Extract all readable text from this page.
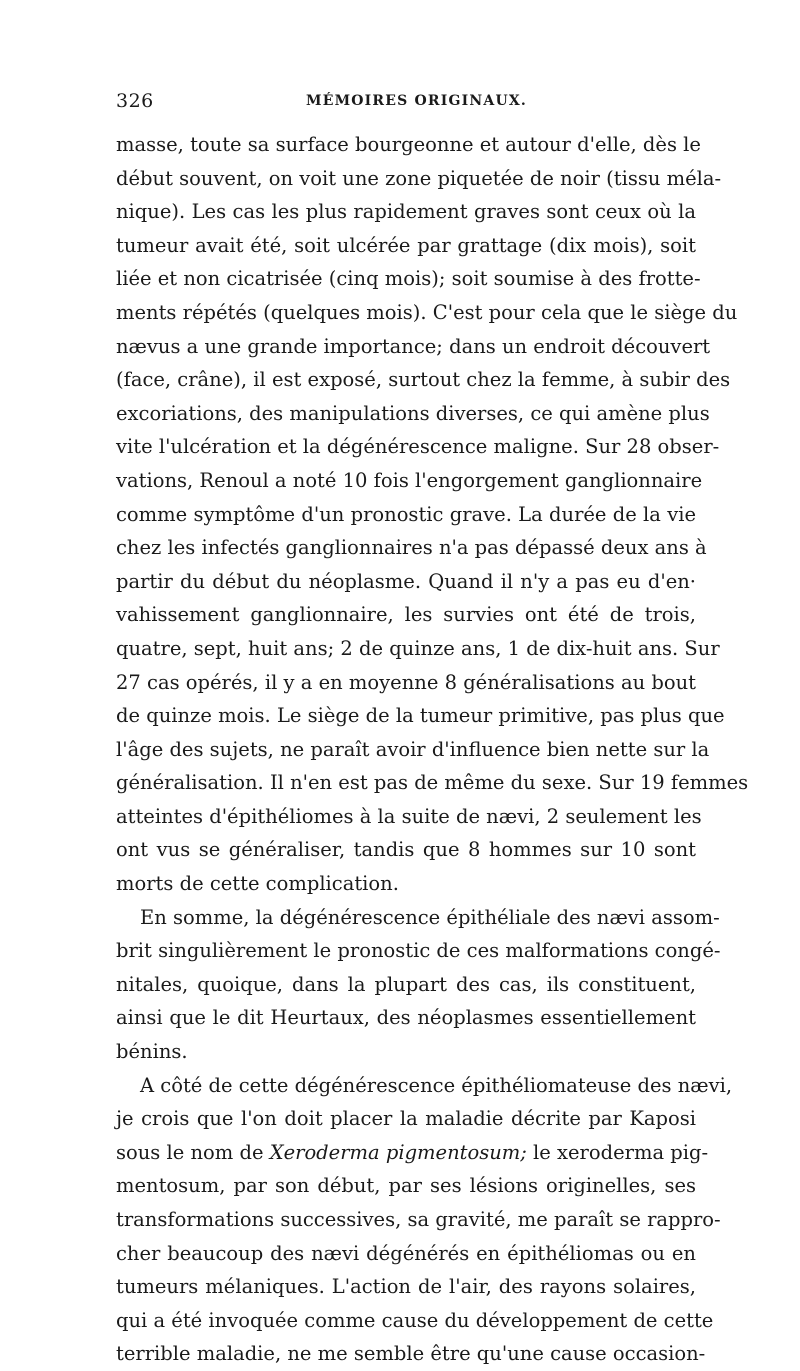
326	MÉMOIRES ORIGINAUX.
masse, toute sa surface bourgeonne et autour d'elle, dès le
début souvent, on voit une zone piquetée de noir (tissu méla-
nique). Les cas les plus rapidement graves sont ceux où la
tumeur avait été, soit ulcérée par grattage (dix mois), soit
liée et non cicatrisée (cinq mois); soit soumise à des frotte-
ments répétés (quelques mois). C'est pour cela que le siège du
nævus a une grande importance; dans un endroit découvert
(face, crâne), il est exposé, surtout chez la femme, à subir des
excoriations, des manipulations diverses, ce qui amène plus
vite l'ulcération et la dégénérescence maligne. Sur 28 obser-
vations, Renoul a noté 10 fois l'engorgement ganglionnaire
comme symptôme d'un pronostic grave. La durée de la vie
chez les infectés ganglionnaires n'a pas dépassé deux ans à
partir du début du néoplasme. Quand il n'y a pas eu d'en·
vahissement ganglionnaire, les survies ont été de trois,
quatre, sept, huit ans; 2 de quinze ans, 1 de dix-huit ans. Sur
27 cas opérés, il y a en moyenne 8 généralisations au bout
de quinze mois. Le siège de la tumeur primitive, pas plus que
l'âge des sujets, ne paraît avoir d'influence bien nette sur la
généralisation. Il n'en est pas de même du sexe. Sur 19 femmes
atteintes d'épithéliomes à la suite de nævi, 2 seulement les
ont vus se généraliser, tandis que 8 hommes sur 10 sont
morts de cette complication.
En somme, la dégénérescence épithéliale des nævi assom-
brit singulièrement le pronostic de ces malformations congé-
nitales, quoique, dans la plupart des cas, ils constituent,
ainsi que le dit Heurtaux, des néoplasmes essentiellement
bénins.
A côté de cette dégénérescence épithéliomateuse des nævi,
je crois que l'on doit placer la maladie décrite par Kaposi
sous le nom de Xeroderma pigmentosum; le xeroderma pig-
mentosum, par son début, par ses lésions originelles, ses
transformations successives, sa gravité, me paraît se rappro-
cher beaucoup des nævi dégénérés en épithéliomas ou en
tumeurs mélaniques. L'action de l'air, des rayons solaires,
qui a été invoquée comme cause du développement de cette
terrible maladie, ne me semble être qu'une cause occasion-
